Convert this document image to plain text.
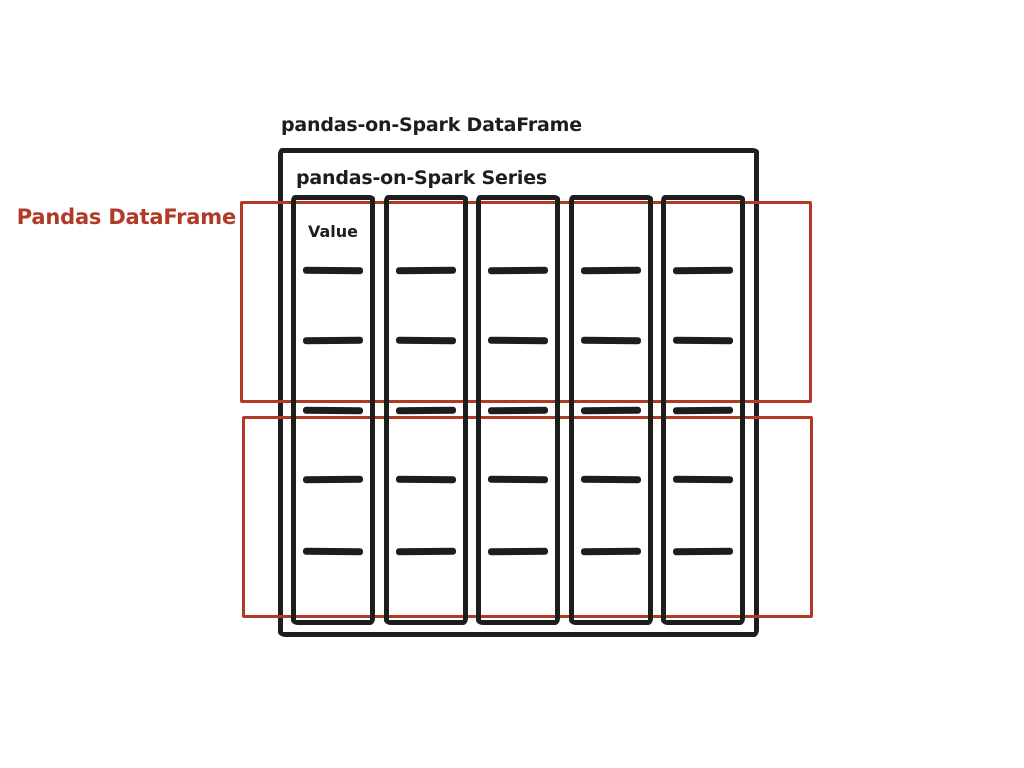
pandas-on-Spark DataFrame
pandas-on-Spark Series
Value
Pandas DataFrame
